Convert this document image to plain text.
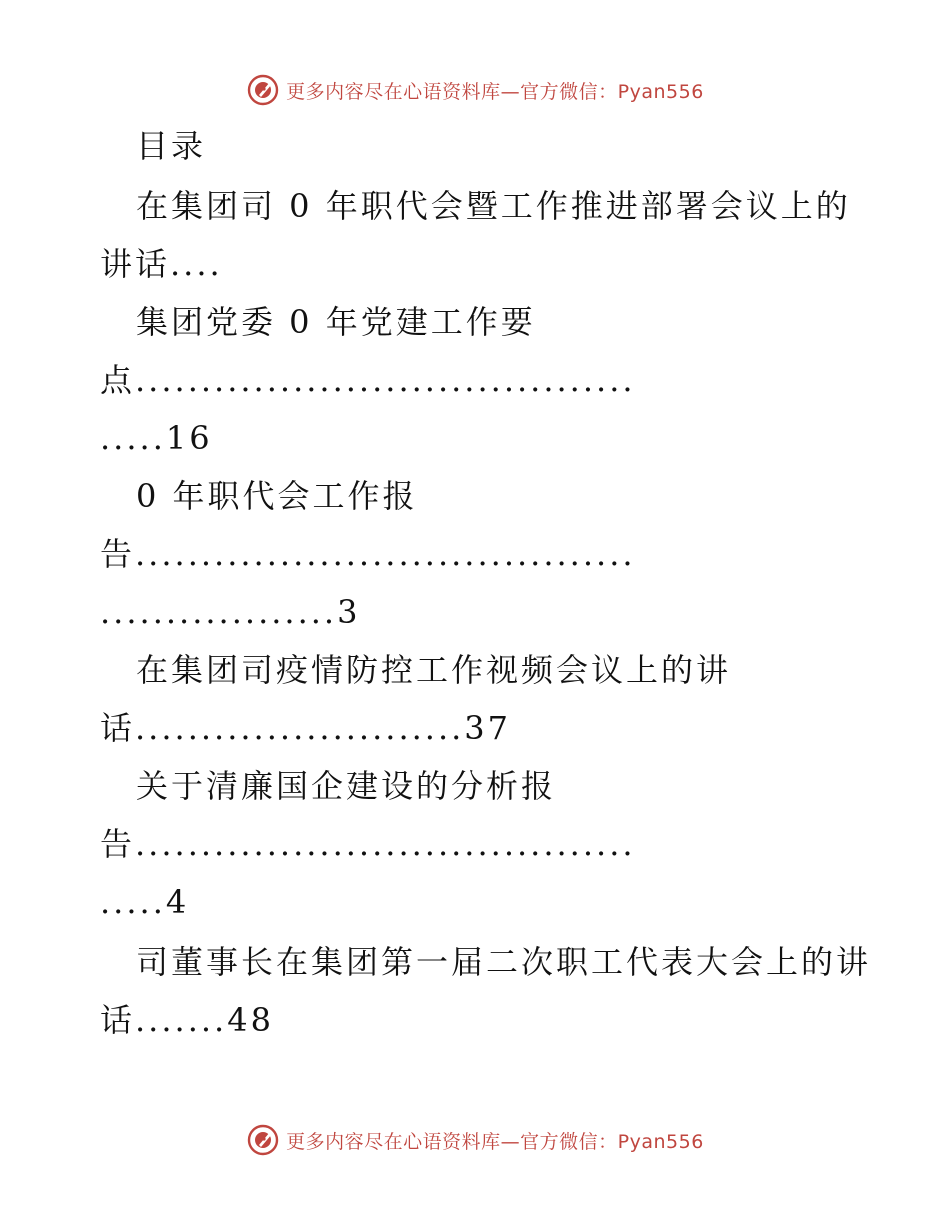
更多内容尽在心语资料库—官方微信：Pyan556
目录
在集团司 0 年职代会暨工作推进部署会议上的
讲话....
集团党委 0 年党建工作要
点......................................
.....16
0 年职代会工作报
告......................................
..................3
在集团司疫情防控工作视频会议上的讲
话.........................37
关于清廉国企建设的分析报
告......................................
.....4
司董事长在集团第一届二次职工代表大会上的讲
话.......48
更多内容尽在心语资料库—官方微信：Pyan556
